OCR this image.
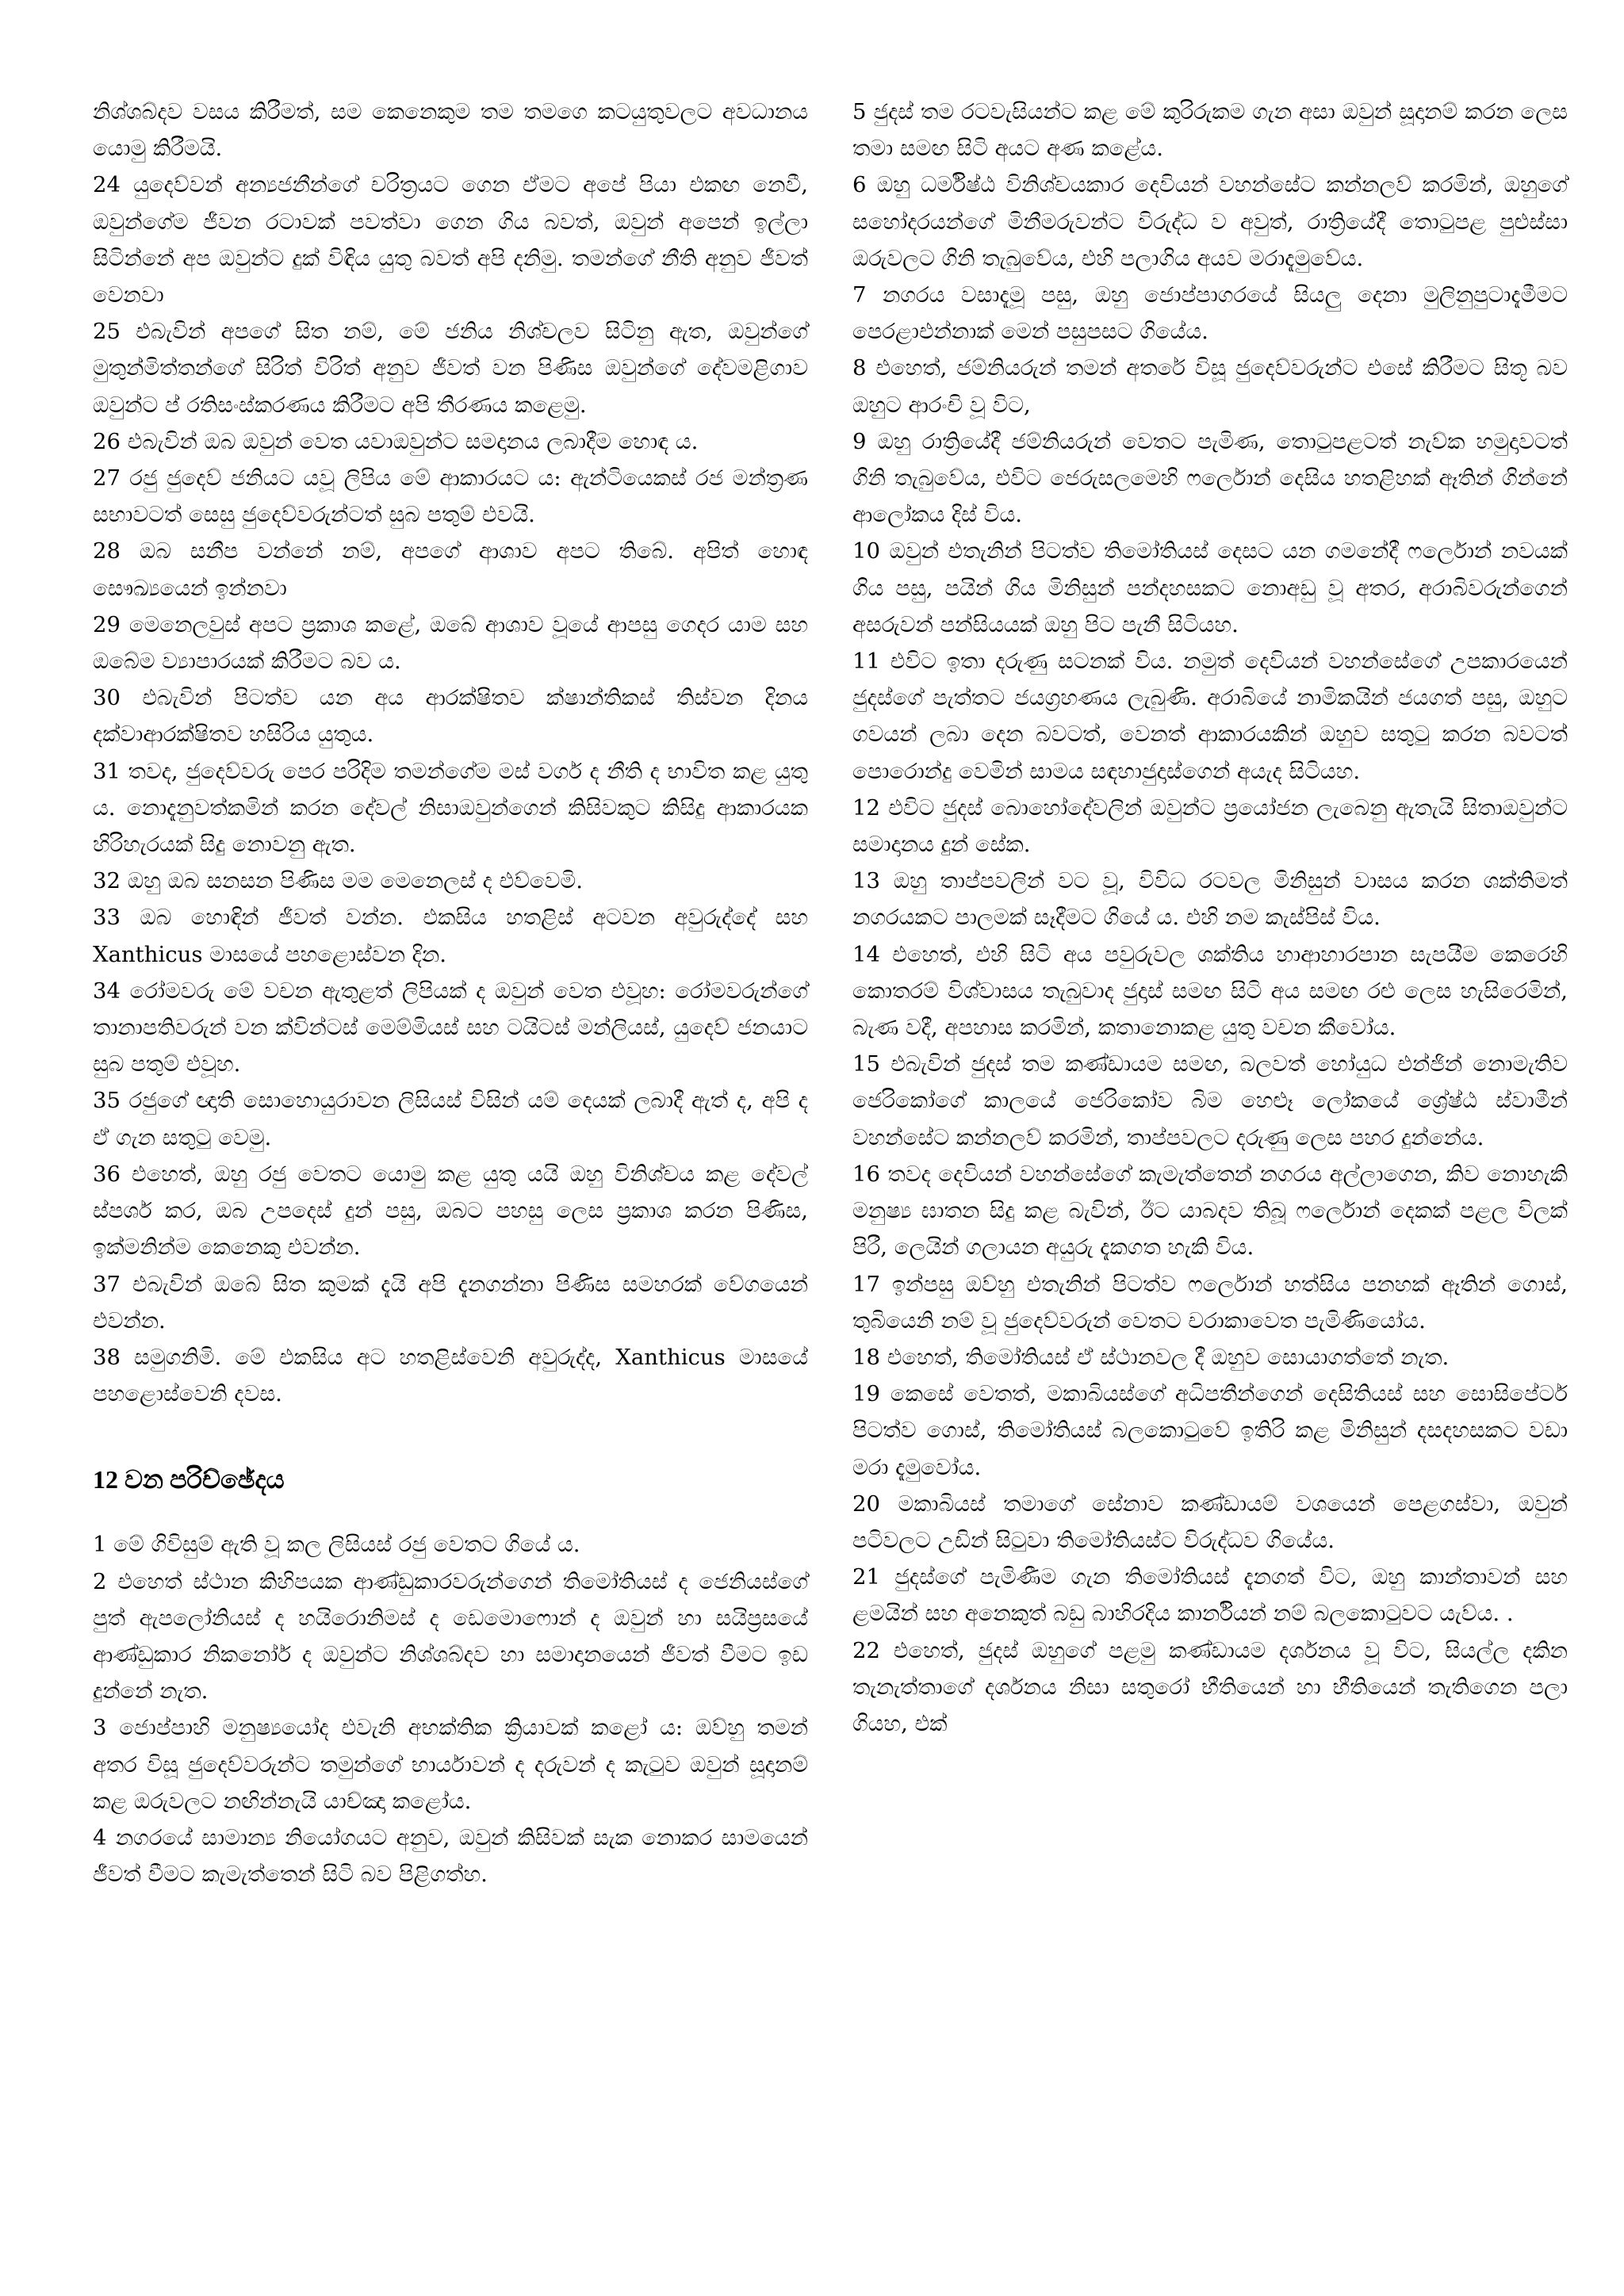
නිශ්ශබ්දව වසය කිරීමත්, සම කෙනෙකුම තම තමගෙ කටයුතුවලට අවධානය යොමු කිරීමයි.

24 යුදෙව්වන් අන්‍යජනීන්ගේ චරිත්‍රයට ගෙන ඒමට අපේ පියා එකඟ නෙවී, ඔවුන්ගේම ජීවන රටාවක් පවත්වා ගෙන ගිය බවත්, ඔවුන් අපෙන් ඉල්ලා සිටින්නේ අප ඔවුන්ට දුක් විඳිය යුතු බවත් අපි දනිමු. තමන්ගේ නීති අනුව ජීවත් වෙනවා

25 එබැවින් අපගේ සිත නම්, මේ ජනිය නිශ්චලව සිටිනු ඇත, ඔවුන්ගේ මුතුන්මිත්තන්ගේ සිරිත් විරිත් අනුව ජීවත් වන පිණිස ඔවුන්ගේ දේවමළිගාව ඔවුන්ට ප් රතිසංස්කරණය කිරීමට අපි තීරණය කළෙමු.

26 එබැවින් ඔබ ඔවුන් වෙත යවාඔවුන්ට සමදානය ලබාදීම හොඳ ය.

27 රජු ජුදෙව් ජනියට යවූ ලිපිය මේ ආකාරයට ය: ඇන්ටියෙකස් රජ මන්ත්‍රණ සභාවටත් සෙසු ජුදෙව්වරුන්ටත් සුබ පතුම් එවයි.

28 ඔබ සනීප වන්නේ නම්, අපගේ ආශාව අපට තිබේ. අපිත් හොඳ සෞඛ්‍යයෙන් ඉන්නවා

29 මෙනෙලවුස් අපට ප්‍රකාශ කළේ, ඔබේ ආශාව වූයේ ආපසු ගෙදර යාම සහ ඔබේම ව්‍යාපාරයක් කිරීමට බව ය.

30 එබැවින් පිටත්ව යන අය ආරක්ෂිතව ක්ෂාන්තිකස් තිස්වන දිනය දක්වාආරක්ෂිතව හසිරිය යුතුය.

31 තවද, ජුදෙව්වරු පෙර පරිදිම තමන්ගේම මස් වර්ග ද නීති ද භාවිත කළ යුතු ය. නොදැනුවත්කමින් කරන දේවල් නිසාඔවුන්ගෙන් කිසිවකුට කිසිදු ආකාරයක හිරිහැරයක් සිදු නොවනු ඇත.

32 ඔහු ඔබ සනසන පිණිස මම මෙනෙලස් ද එව්වෙමි.

33 ඔබ හොඳින් ජීවත් වන්න. එකසිය හතළිස් අටවන අවුරුද්දේ සහ Xanthicus මාසයේ පහළොස්වන දින.

34 රෝමවරු මේ වචන ඇතුළත් ලිපියක් ද ඔවුන් වෙත එවූහ: රෝමවරුන්ගේ තානාපතිවරුන් වන ක්වින්ටස් මෙම්මියස් සහ ටයිටස් මන්ලියස්, යුදෙව් ජනයාට සුබ පතුම් එවූහ.

35 රජුගේ ඥාති සොහොයුරාවන ලිසියස් විසින් යම් දෙයක් ලබාදී ඇත් ද, අපි ද ඒ ගැන සතුටු වෙමු.

36 එහෙත්, ඔහු රජු වෙතට යොමු කළ යුතු යයි ඔහු විනිශ්චය කළ දේවල් ස්පර්ශ කර, ඔබ උපදෙස් දුන් පසු, ඔබට පහසු ලෙස ප්‍රකාශ කරන පිණිස, ඉක්මනින්ම කෙනෙකු එවන්න.

37 එබැවින් ඔබේ සිත කුමක් දැයි අපි දැනගන්නා පිණිස සමහරක් වේගයෙන් එවන්න.

38 සමුගනිමි. මේ එකසිය අට හතළිස්වෙනි අවුරුද්ද, Xanthicus මාසයේ පහළොස්වෙනි දවස.

12 වන පරිච්ඡේදය

1 මේ ගිවිසුම් ඇති වූ කල ලිසියස් රජු වෙතට ගියේ ය.

2 එහෙත් ස්ථාන කිහිපයක ආණ්ඩුකාරවරුන්ගෙන් තිමෝතියස් ද ජෙනියස්ගේ පුත් ඇපලෝනියස් ද හයිරොනිමස් ද ඩෙමොෆොන් ද ඔවුන් හා සයිප්‍රසයේ ආණ්ඩුකාර නිකනෝර් ද ඔවුන්ට නිශ්ශබ්දව හා සමාදානයෙන් ජීවත් වීමට ඉඩ දුන්නේ නැත.

3 ජොප්පාහි මනුෂ්‍යයෝද එවැනි අභක්තික ක්‍රියාවක් කළෝ ය: ඔව්හු තමන් අතර විසූ ජුදෙව්වරුන්ට තමුන්ගේ භාර්යාවන් ද දරුවන් ද කැටුව ඔවුන් සූදානම් කළ ඔරුවලට නඟින්නැයි යාච්ඤා කළෝය.

4 නගරයේ සාමාන්‍ය නියෝගයට අනුව, ඔවුන් කිසිවක් සැක නොකර සාමයෙන් ජීවත් වීමට කැමැත්තෙන් සිටි බව පිළිගත්හ.

5 ජුදස් තම රටවැසියන්ට කළ මේ කුරිරුකම ගැන අසා ඔවුන් සූදානම් කරන ලෙස තමා සමඟ සිටි අයට අණ කළේය.

6 ඔහු ධර්මිෂ්ඨ විනිශ්චයකාර දෙවියන් වහන්සේට කන්නලව් කරමින්, ඔහුගේ සහෝදරයන්ගේ මිනීමරුවන්ට විරුද්ධ ව අවුත්, රාත්‍රියේදී තොටුපළ පුළුස්සා ඔරුවලට ගිනි තැබුවේය, එහි පලාගිය අයව මරාදැමුවේය.

7 නගරය වසාදැමූ පසු, ඔහු ජොප්පාගරයේ සියලු දෙනා මුලිනුපුටාදැමීමට පෙරළාඑන්නාක් මෙන් පසුපසට ගියේය.

8 එහෙත්, ජම්නියරුන් තමන් අතරේ විසූ ජුදෙව්වරුන්ට එසේ කිරීමට සිතූ බව ඔහුට ආරංචි වූ විට,

9 ඔහු රාත්‍රියේදී ජම්නියරුන් වෙතට පැමිණ, තොටුපළටත් නැව්ක හමුදාවටත් ගිනි තැබුවේය, එවිට ජෙරුසලමෙහි ෆර්ලොන් දෙසිය හතළිහක් ඈතින් ගින්නේ ආලෝකය දිස් විය.

10 ඔවුන් එතැනින් පිටත්ව තිමෝතියස් දෙසට යන ගමනේදී ෆර්ලොන් නවයක් ගිය පසු, පයින් ගිය මිනිසුන් පන්දහසකට නොඅඩු වූ අතර, අරාබිවරුන්ගෙන් අසරුවන් පන්සියයක් ඔහු පිට පැනී සිටියහ.

11 එවිට ඉතා දරුණු සටනක් විය. නමුත් දෙවියන් වහන්සේගේ උපකාරයෙන් ජුදස්ගේ පැත්තට ජයග්‍රහණය ලැබුණි. අරාබියේ නාමිකයින් ජයගත් පසු, ඔහුට ගවයන් ලබා දෙන බවටත්, වෙනත් ආකාරයකින් ඔහුව සතුටු කරන බවටත් පොරොන්දු වෙමින් සාමය සඳහාජුදාස්ගෙන් අයැද සිටියහ.

12 එවිට ජුදස් බොහෝදේවලින් ඔවුන්ට ප්‍රයෝජන ලැබෙනු ඇතැයි සිතාඔවුන්ට සමාදානය දුන් සේක.

13 ඔහු තාප්පවලින් වට වූ, විවිධ රටවල මිනිසුන් වාසය කරන ශක්තිමත් නගරයකට පාලමක් සෑදීමට ගියේ ය. එහි නම කැස්පිස් විය.

14 එහෙත්, එහි සිටි අය පවුරුවල ශක්තිය හාආහාරපාන සැපයීම කෙරෙහි කොතරම් විශ්වාසය තැබුවාද ජුදාස් සමඟ සිටි අය සමඟ රළු ලෙස හැසිරෙමින්, බැණ වදී, අපහාස කරමින්, කතානොකළ යුතු වචන කීවෝය.

15 එබැවින් ජුදස් තම කණ්ඩායම සමඟ, බලවත් හෝයුධ එන්ජින් නොමැතිව ජෙරිකෝගේ කාලයේ ජෙරිකෝව බිම හෙළූ ලෝකයේ ශ්‍රේෂ්ඨ ස්වාමීන් වහන්සේට කන්නලව් කරමින්, තාප්පවලට දරුණු ලෙස පහර දුන්නේය.

16 තවද දෙවියන් වහන්සේගේ කැමැත්තෙන් නගරය අල්ලාගෙන, කිව නොහැකි මනුෂ්‍ය ඝාතන සිදු කළ බැවින්, ඊට යාබදව තිබූ ෆර්ලොන් දෙකක් පළල විලක් පිරී, ලෙයින් ගලායන අයුරු දැකගත හැකි විය.

17 ඉන්පසු ඔව්හු එතැනින් පිටත්ව ෆර්ලොන් හත්සිය පනහක් ඈතින් ගොස්, තුබියෙනි නම් වූ ජුදෙව්වරුන් වෙතට චරාකාවෙත පැමිණියෝය.

18 එහෙත්, තිමෝතියස් ඒ ස්ථානවල දී ඔහුව සොයාගත්තේ නැත.

19 කෙසේ වෙතත්, මකාබියස්ගේ අධිපතීන්ගෙන් දෙසිතියස් සහ සොසිපේටර් පිටත්ව ගොස්, තිමෝතියස් බලකොටුවේ ඉතිරි කළ මිනිසුන් දසදහසකට වඩා මරා දැමුවෝය.

20 මකාබියස් තමාගේ සේනාව කණ්ඩායම් වශයෙන් පෙළගස්වා, ඔවුන් පටිවලට උඩින් සිටුවා තිමෝතියස්ට විරුද්ධව ගියේය.

21 ජුදස්ගේ පැමිණීම ගැන තිමෝතියස් දැනගත් විට, ඔහු කාන්තාවන් සහ ළමයින් සහ අනෙකුත් බඩු බාහිරදිය කාර්නියන් නම් බලකොටුවට යැව්ය. .

22 එහෙත්, ජුදස් ඔහුගේ පළමු කණ්ඩායම දර්ශනය වූ විට, සියල්ල දකින තැනැත්තාගේ දර්ශනය නිසා සතුරෝ භීතියෙන් හා භීතියෙන් තැතිගෙන පලා ගියහ, එක්
